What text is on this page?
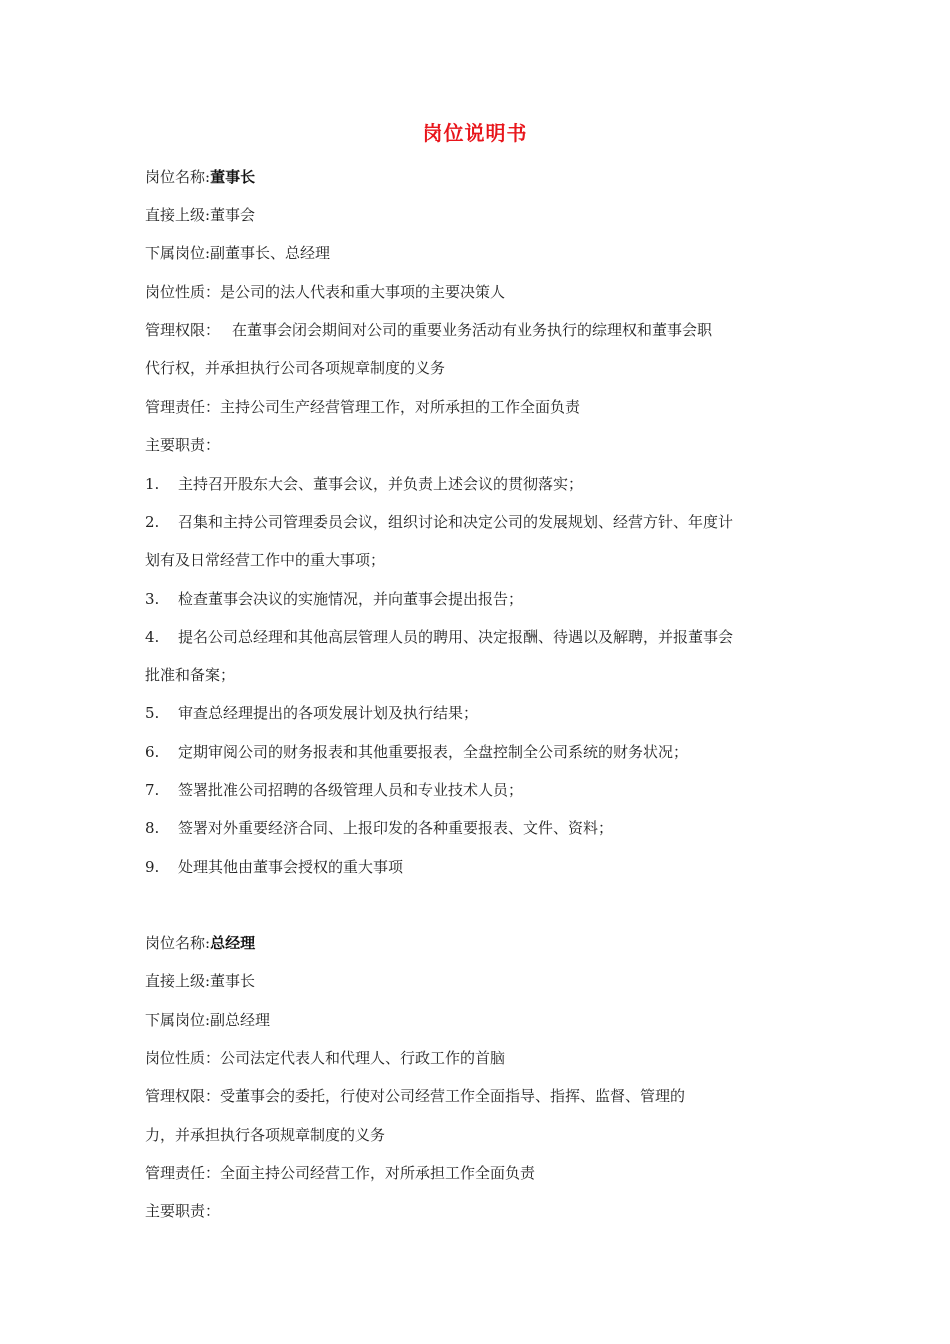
岗位说明书
岗位名称:董事长
直接上级:董事会
下属岗位:副董事长、总经理
岗位性质：是公司的法人代表和重大事项的主要决策人
管理权限： 在董事会闭会期间对公司的重要业务活动有业务执行的综理权和董事会职
代行权，并承担执行公司各项规章制度的义务
管理责任：主持公司生产经营管理工作，对所承担的工作全面负责
主要职责：
1. 主持召开股东大会、董事会议，并负责上述会议的贯彻落实；
2. 召集和主持公司管理委员会议，组织讨论和决定公司的发展规划、经营方针、年度计
划有及日常经营工作中的重大事项；
3. 检查董事会决议的实施情况，并向董事会提出报告；
4. 提名公司总经理和其他高层管理人员的聘用、决定报酬、待遇以及解聘，并报董事会
批准和备案；
5. 审查总经理提出的各项发展计划及执行结果；
6. 定期审阅公司的财务报表和其他重要报表，全盘控制全公司系统的财务状况；
7. 签署批准公司招聘的各级管理人员和专业技术人员；
8. 签署对外重要经济合同、上报印发的各种重要报表、文件、资料；
9. 处理其他由董事会授权的重大事项
岗位名称:总经理
直接上级:董事长
下属岗位:副总经理
岗位性质：公司法定代表人和代理人、行政工作的首脑
管理权限：受董事会的委托，行使对公司经营工作全面指导、指挥、监督、管理的
力，并承担执行各项规章制度的义务
管理责任：全面主持公司经营工作，对所承担工作全面负责
主要职责：
